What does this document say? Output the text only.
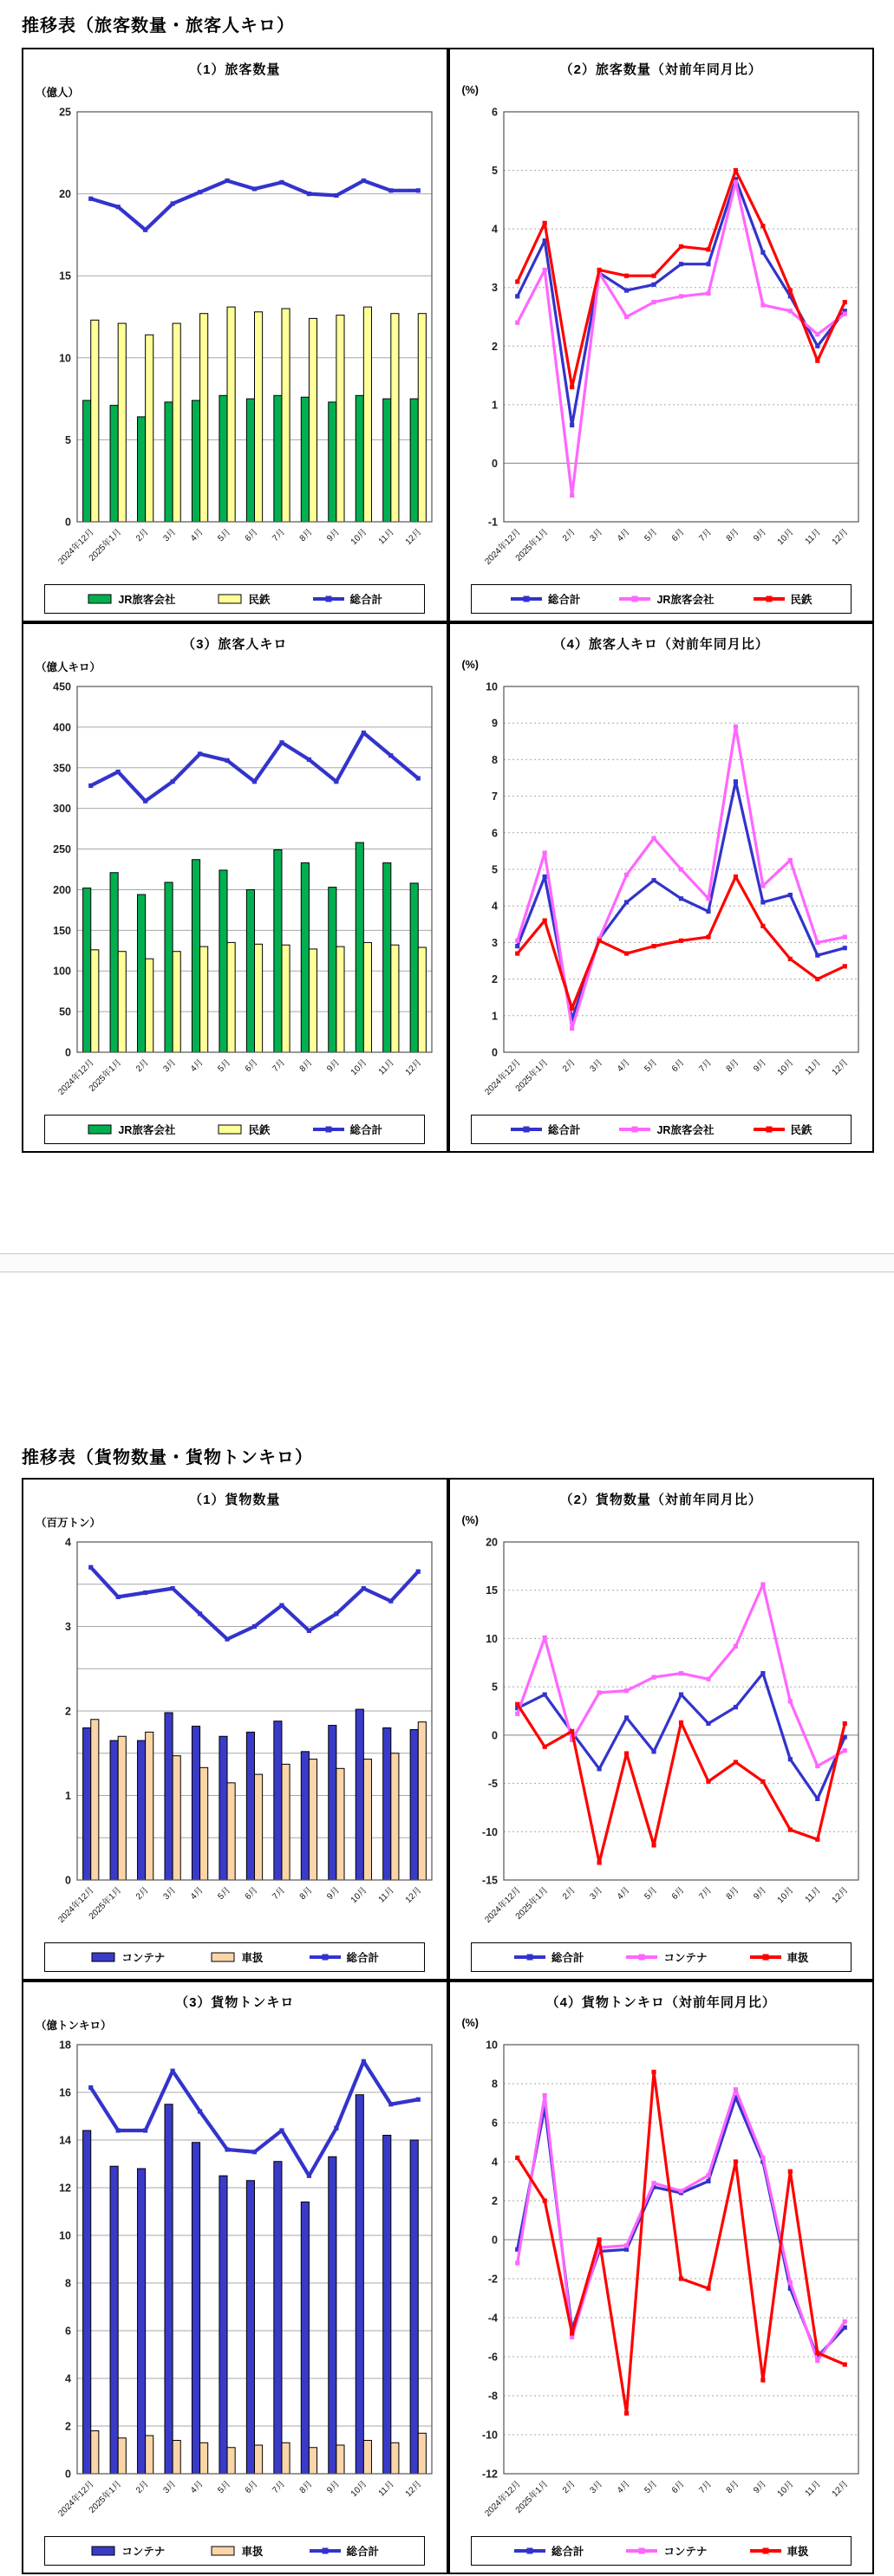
推移表（旅客数量・旅客人キロ）
（1）旅客数量
（億人）
0
5
10
15
20
25
2024年12月
2025年1月 2月 3月 4月 5月 6月 7月 8月 9月 10月 11月 12月
JR旅客会社	民鉄	総合計
（2）旅客数量（対前年同月比）
(%)
-1
0
1
2
3
4
5
6
2024年12月
2025年1月 2月 3月 4月 5月 6月 7月 8月 9月 10月 11月 12月
総合計	JR旅客会社	民鉄
（3）旅客人キロ
（億人キロ）
0
50
100
150
200
250
300
350
400
450
2024年12月
2025年1月 2月 3月 4月 5月 6月 7月 8月 9月 10月 11月 12月
JR旅客会社	民鉄	総合計
（4）旅客人キロ（対前年同月比）
(%)
0
1
2
3
4
5
6
7
8
9
10
2024年12月
2025年1月 2月 3月 4月 5月 6月 7月 8月 9月 10月 11月 12月
総合計	JR旅客会社	民鉄
推移表（貨物数量・貨物トンキロ）
（1）貨物数量
（百万トン）
0
1
2
3
4
2024年12月
2025年1月 2月 3月 4月 5月 6月 7月 8月 9月 10月 11月 12月
コンテナ	車扱	総合計
（2）貨物数量（対前年同月比）
(%)
-15
-10
-5
0
5
10
15
20
2024年12月
2025年1月 2月 3月 4月 5月 6月 7月 8月 9月 10月 11月 12月
総合計	コンテナ	車扱
（3）貨物トンキロ
（億トンキロ）
0
2
4
6
8
10
12
14
16
18
2024年12月
2025年1月 2月 3月 4月 5月 6月 7月 8月 9月 10月 11月 12月
コンテナ	車扱	総合計
（4）貨物トンキロ（対前年同月比）
(%)
-12
-10
-8
-6
-4
-2
0
2
4
6
8
10
2024年12月
2025年1月 2月 3月 4月 5月 6月 7月 8月 9月 10月 11月 12月
総合計	コンテナ	車扱
